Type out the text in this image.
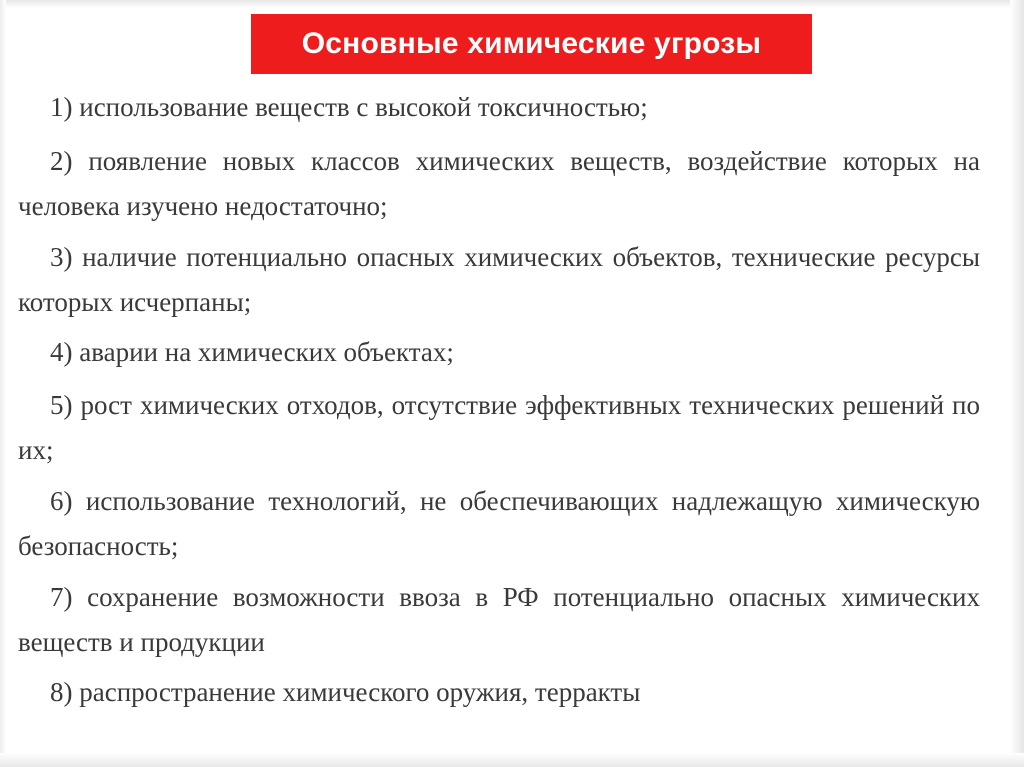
Основные химические угрозы

1) использование веществ с высокой токсичностью;

2) появление новых классов химических веществ, воздействие которых на человека изучено недостаточно;

3) наличие потенциально опасных химических объектов, технические ресурсы которых исчерпаны;

4) аварии на химических объектах;

5) рост химических отходов, отсутствие эффективных технических решений по их;

6) использование технологий, не обеспечивающих надлежащую химическую безопасность;

7) сохранение возможности ввоза в РФ потенциально опасных химических веществ и продукции

8) распространение химического оружия, терракты
